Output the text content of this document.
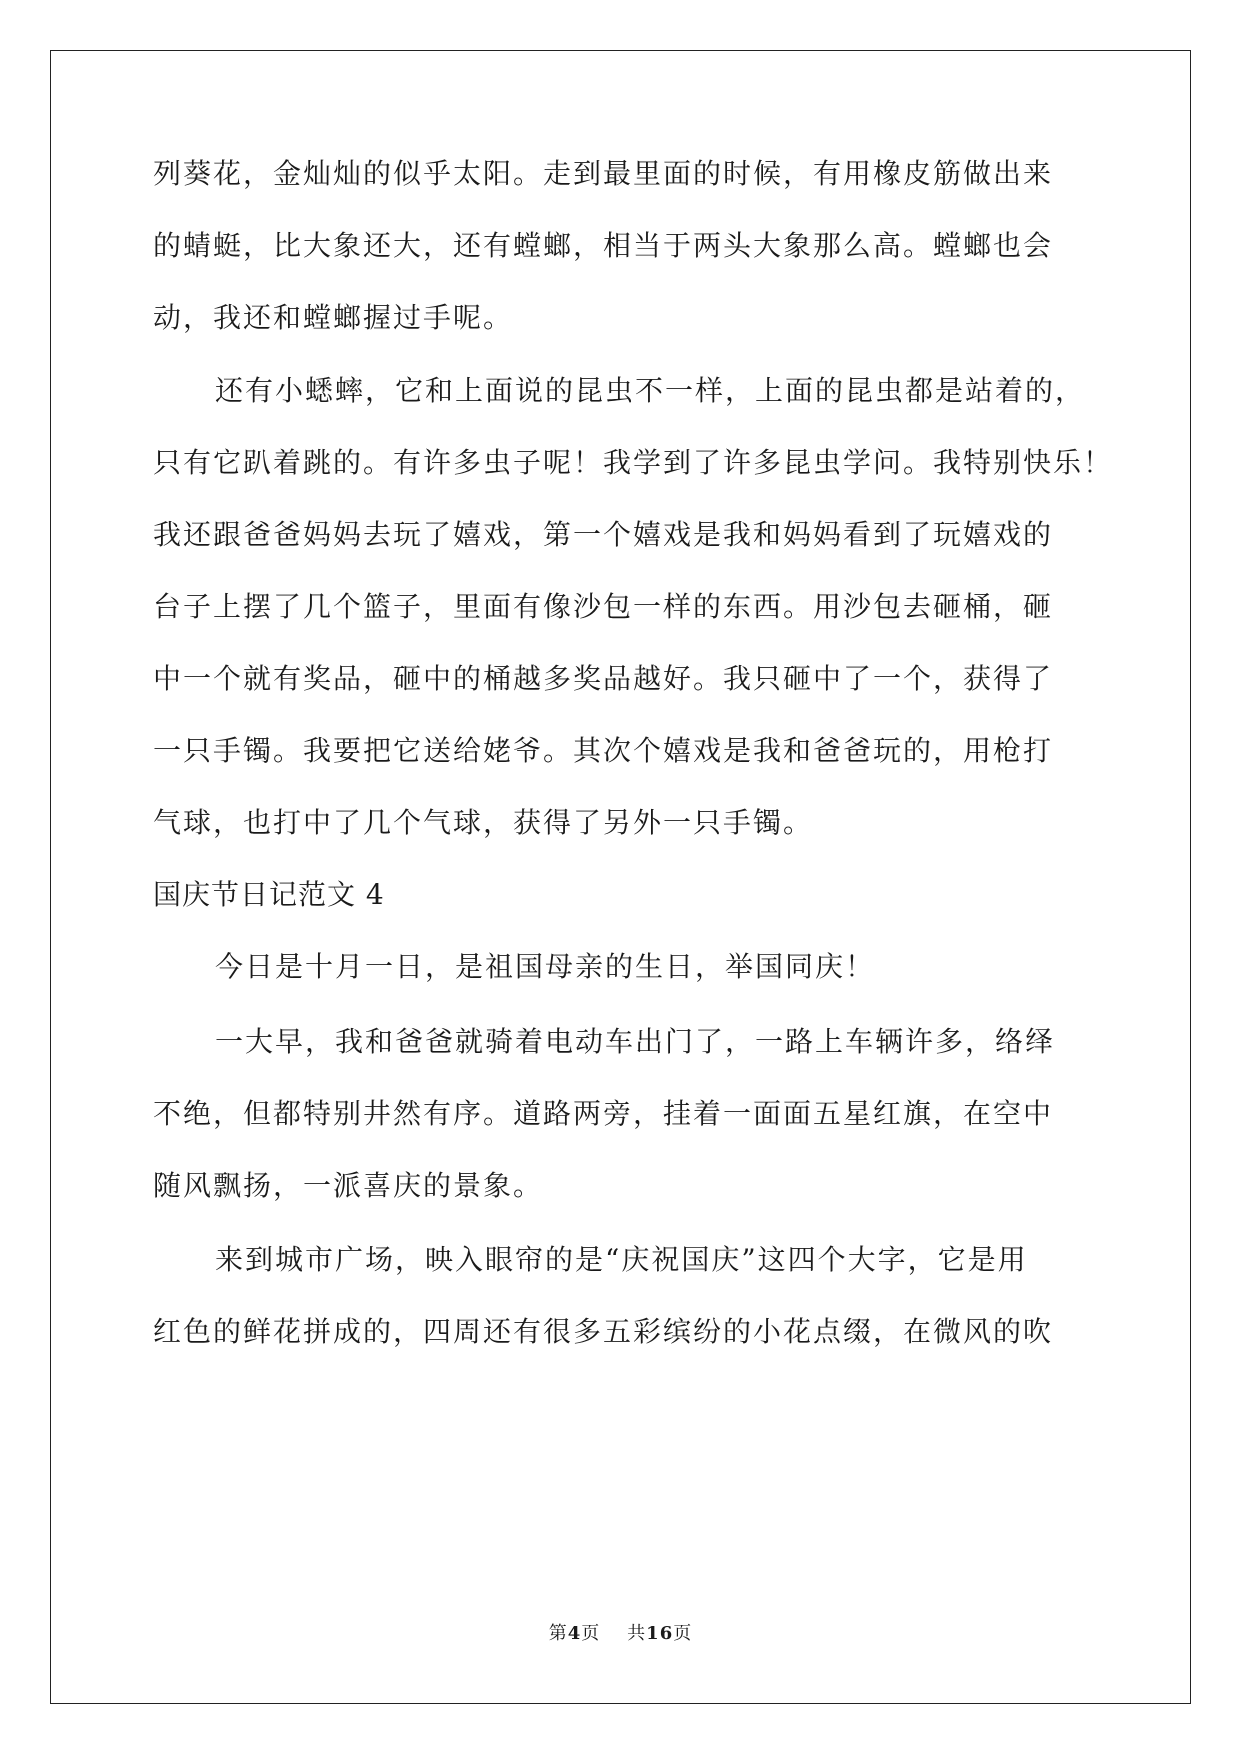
列葵花，金灿灿的似乎太阳。走到最里面的时候，有用橡皮筋做出来
的蜻蜓，比大象还大，还有螳螂，相当于两头大象那么高。螳螂也会
动，我还和螳螂握过手呢。
还有小蟋蟀，它和上面说的昆虫不一样，上面的昆虫都是站着的，
只有它趴着跳的。有许多虫子呢！我学到了许多昆虫学问。我特别快乐！
我还跟爸爸妈妈去玩了嬉戏，第一个嬉戏是我和妈妈看到了玩嬉戏的
台子上摆了几个篮子，里面有像沙包一样的东西。用沙包去砸桶，砸
中一个就有奖品，砸中的桶越多奖品越好。我只砸中了一个，获得了
一只手镯。我要把它送给姥爷。其次个嬉戏是我和爸爸玩的，用枪打
气球，也打中了几个气球，获得了另外一只手镯。
国庆节日记范文 4
今日是十月一日，是祖国母亲的生日，举国同庆！
一大早，我和爸爸就骑着电动车出门了，一路上车辆许多，络绎
不绝，但都特别井然有序。道路两旁，挂着一面面五星红旗，在空中
随风飘扬，一派喜庆的景象。
来到城市广场，映入眼帘的是“庆祝国庆”这四个大字，它是用
红色的鲜花拼成的，四周还有很多五彩缤纷的小花点缀，在微风的吹
第4页 共16页
